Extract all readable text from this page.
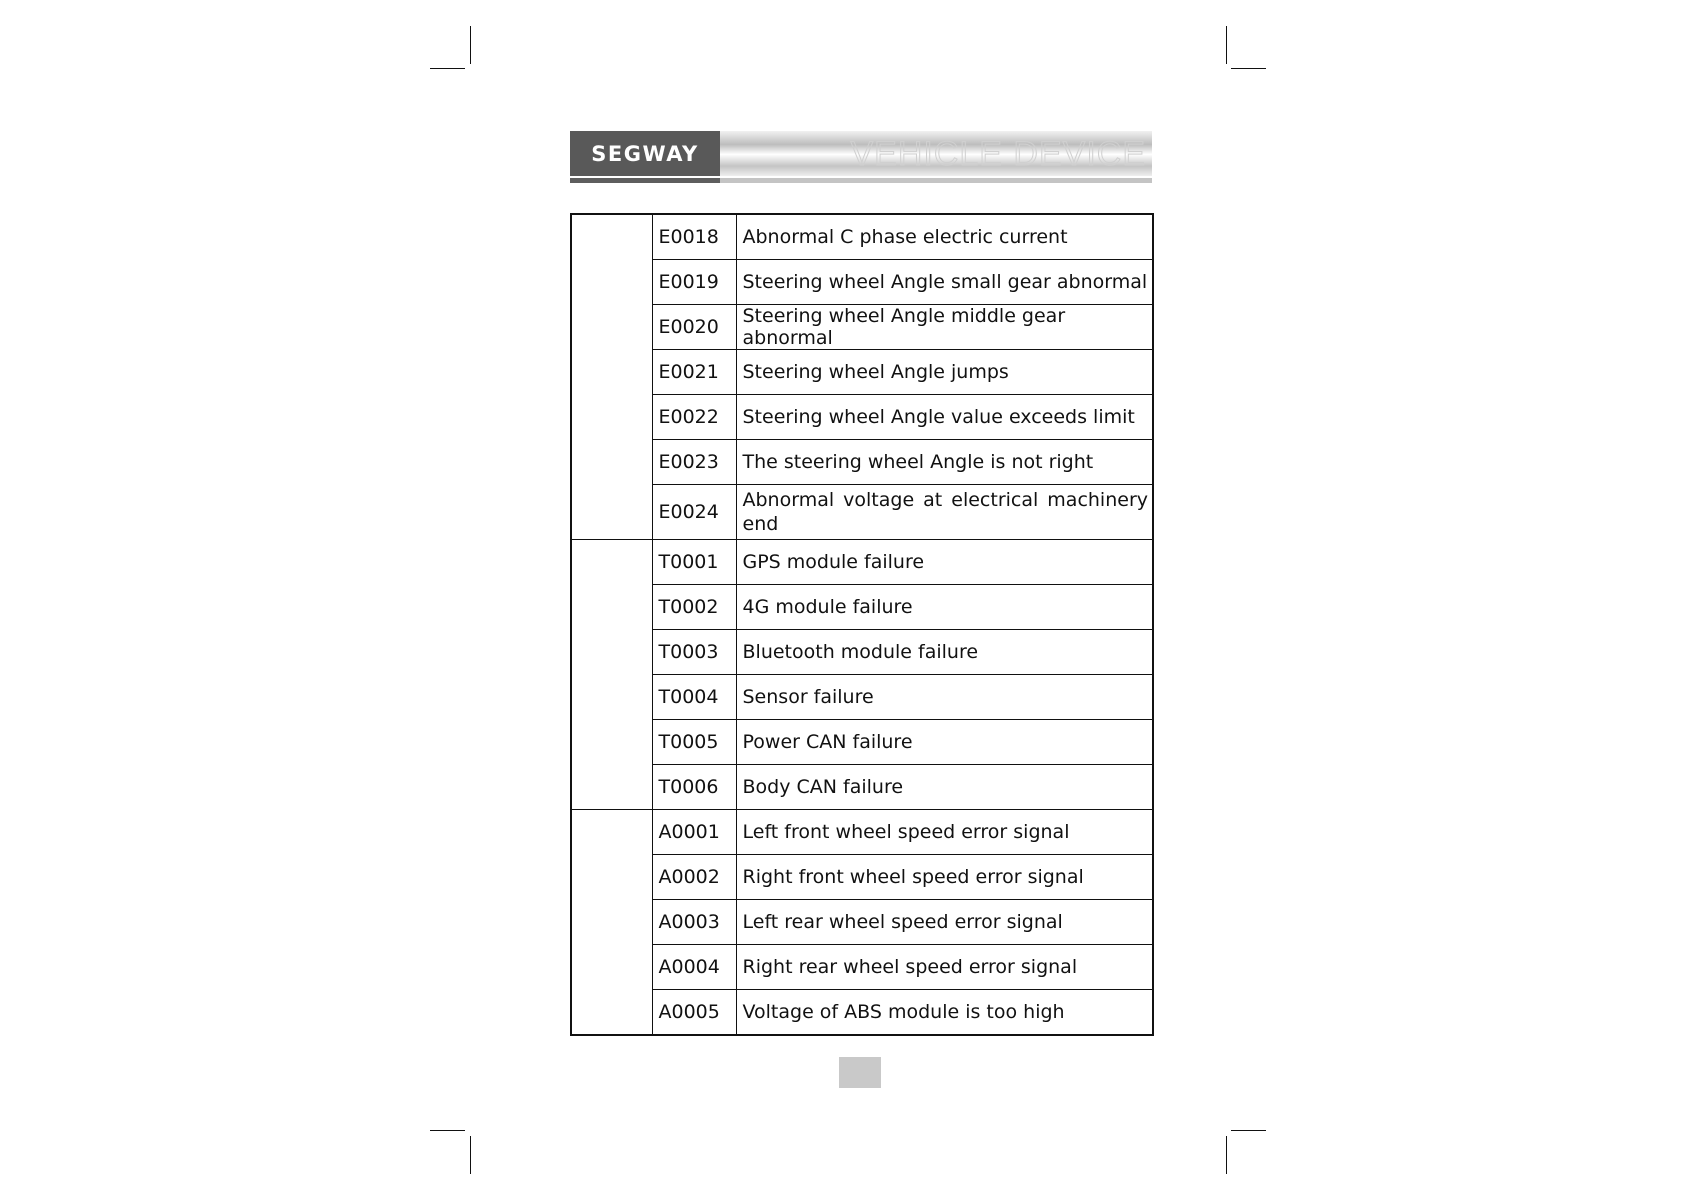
SEGWAY	VEHICLE DEVICE
	E0018	Abnormal C phase electric current
	E0019	Steering wheel Angle small gear abnormal
	E0020	Steering wheel Angle middle gear abnormal
	E0021	Steering wheel Angle jumps
	E0022	Steering wheel Angle value exceeds limit
	E0023	The steering wheel Angle is not right
	E0024	Abnormal voltage at electrical machinery end
	T0001	GPS module failure
	T0002	4G module failure
	T0003	Bluetooth module failure
	T0004	Sensor failure
	T0005	Power CAN failure
	T0006	Body CAN failure
	A0001	Left front wheel speed error signal
	A0002	Right front wheel speed error signal
	A0003	Left rear wheel speed error signal
	A0004	Right rear wheel speed error signal
	A0005	Voltage of ABS module is too high
